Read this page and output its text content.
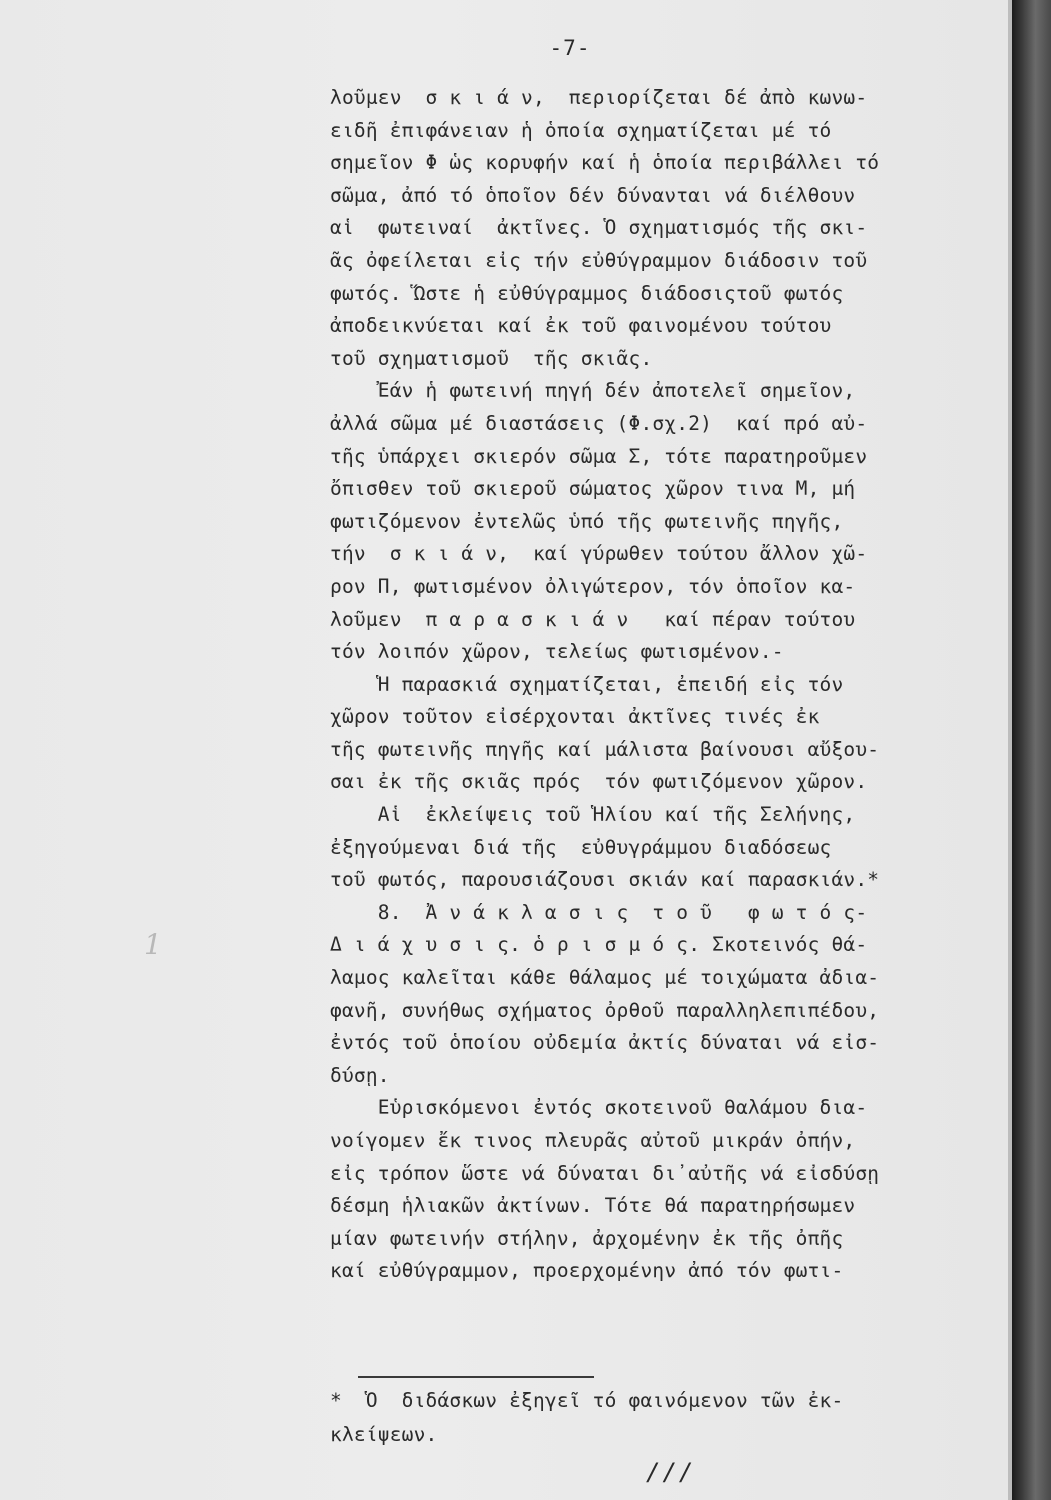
-7-
1
λοῦμεν  σ κ ι ά ν,  περιορίζεται δέ ἀπὸ κωνω-
ειδῆ ἐπιφάνειαν ἡ ὁποία σχηματίζεται μέ τό
σημεῖον Φ ὡς κορυφήν καί ἡ ὁποία περιβάλλει τό
σῶμα, ἀπό τό ὁποῖον δέν δύνανται νά διέλθουν
αἱ  φωτειναί  ἀκτῖνες. Ὁ σχηματισμός τῆς σκι-
ᾶς ὀφείλεται εἰς τήν εὐθύγραμμον διάδοσιν τοῦ
φωτός. Ὥστε ἡ εὐθύγραμμος διάδοσιςτοῦ φωτός
ἀποδεικνύεται καί ἐκ τοῦ φαινομένου τούτου
τοῦ σχηματισμοῦ  τῆς σκιᾶς.
Ἐάν ἡ φωτεινή πηγή δέν ἀποτελεῖ σημεῖον,
ἀλλά σῶμα μέ διαστάσεις (Φ.σχ.2)  καί πρό αὐ-
τῆς ὑπάρχει σκιερόν σῶμα Σ, τότε παρατηροῦμεν
ὄπισθεν τοῦ σκιεροῦ σώματος χῶρον τινα Μ, μή
φωτιζόμενον ἐντελῶς ὑπό τῆς φωτεινῆς πηγῆς,
τήν  σ κ ι ά ν,  καί γύρωθεν τούτου ἄλλον χῶ-
ρον Π, φωτισμένον ὀλιγώτερον, τόν ὁποῖον κα-
λοῦμεν  π α ρ α σ κ ι ά ν   καί πέραν τούτου
τόν λοιπόν χῶρον, τελείως φωτισμένον.-
Ἡ παρασκιά σχηματίζεται, ἐπειδή εἰς τόν
χῶρον τοῦτον εἰσέρχονται ἀκτῖνες τινές ἐκ
τῆς φωτεινῆς πηγῆς καί μάλιστα βαίνουσι αὔξου-
σαι ἐκ τῆς σκιᾶς πρός  τόν φωτιζόμενον χῶρον.
Αἱ  ἐκλείψεις τοῦ Ἡλίου καί τῆς Σελήνης,
ἐξηγούμεναι διά τῆς  εὐθυγράμμου διαδόσεως
τοῦ φωτός, παρουσιάζουσι σκιάν καί παρασκιάν.*
8.  Ἀ ν ά κ λ α σ ι ς  τ ο ῦ   φ ω τ ό ς-
Δ ι ά χ υ σ ι ς. ὁ ρ ι σ μ ό ς. Σκοτεινός θά-
λαμος καλεῖται κάθε θάλαμος μέ τοιχώματα ἀδια-
φανῆ, συνήθως σχήματος ὀρθοῦ παραλληλεπιπέδου,
ἐντός τοῦ ὁποίου οὐδεμία ἀκτίς δύναται νά εἰσ-
δύσῃ.
Εὑρισκόμενοι ἐντός σκοτεινοῦ θαλάμου δια-
νοίγομεν ἔκ τινος πλευρᾶς αὐτοῦ μικράν ὀπήν,
εἰς τρόπον ὥστε νά δύναται δι᾽αὐτῆς νά εἰσδύσῃ
δέσμη ἡλιακῶν ἀκτίνων. Τότε θά παρατηρήσωμεν
μίαν φωτεινήν στήλην, ἀρχομένην ἐκ τῆς ὀπῆς
καί εὐθύγραμμον, προερχομένην ἀπό τόν φωτι-
*  Ὁ  διδάσκων ἐξηγεῖ τό φαινόμενον τῶν ἐκ-
κλείψεων.
///
